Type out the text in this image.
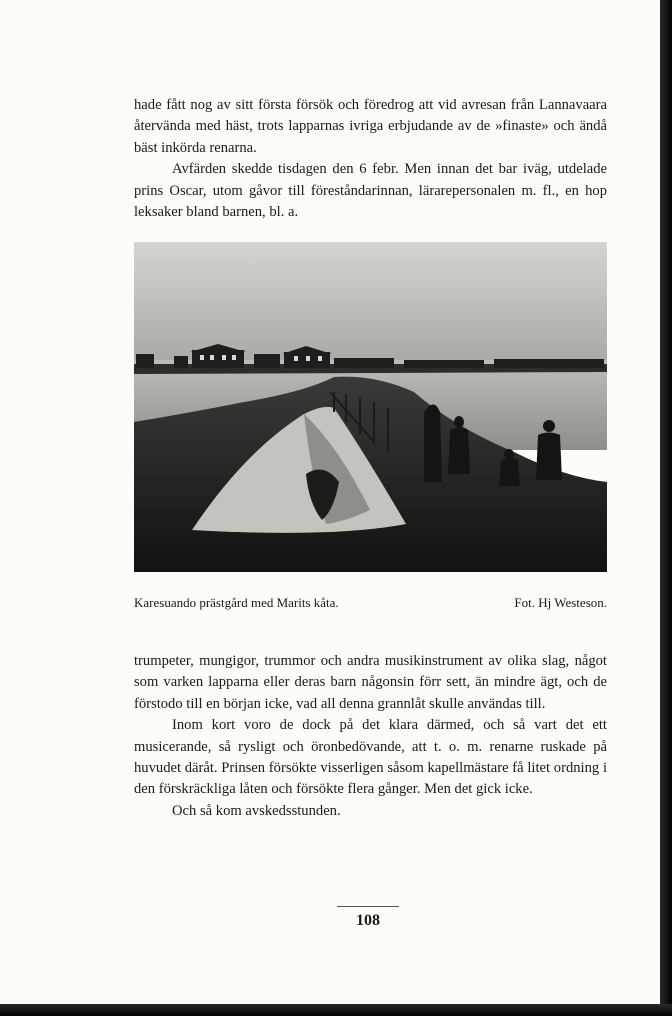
hade fått nog av sitt första försök och föredrog att vid avresan från Lannavaara återvända med häst, trots lapparnas ivriga erbjudande av de »finaste» och ändå bäst inkörda renarna.

Avfärden skedde tisdagen den 6 febr. Men innan det bar iväg, utdelade prins Oscar, utom gåvor till föreståndarinnan, lärarepersonalen m. fl., en hop leksaker bland barnen, bl. a.

Karesuando prästgård med Marits kåta.	Fot. Hj Westeson.

trumpeter, mungigor, trummor och andra musikinstrument av olika slag, något som varken lapparna eller deras barn någonsin förr sett, än mindre ägt, och de förstodo till en början icke, vad all denna grannlåt skulle användas till.

Inom kort voro de dock på det klara därmed, och så vart det ett musicerande, så rysligt och öronbedövande, att t. o. m. renarne ruskade på huvudet däråt. Prinsen försökte visserligen såsom kapellmästare få litet ordning i den förskräckliga låten och försökte flera gånger. Men det gick icke.

Och så kom avskedsstunden.

108
